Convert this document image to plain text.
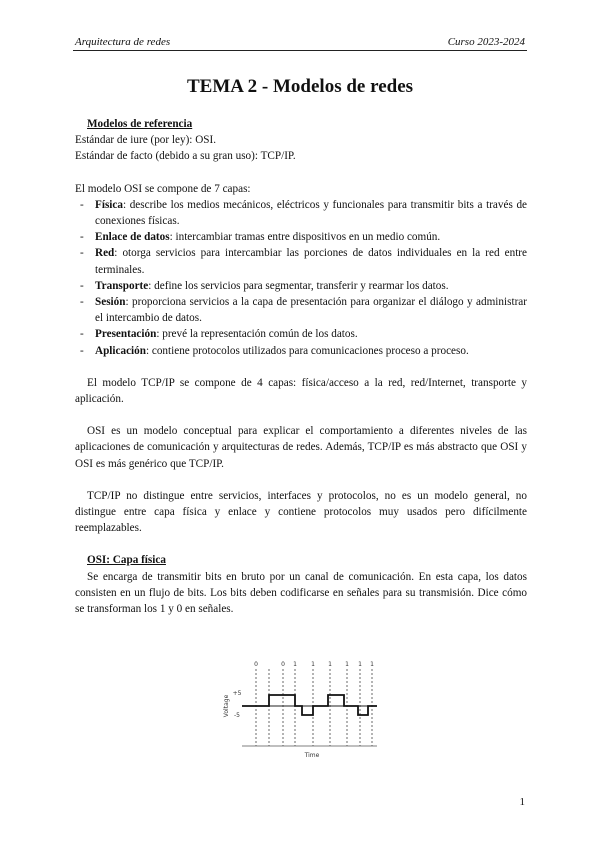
Arquitectura de redes	Curso 2023-2024
TEMA 2 - Modelos de redes

Modelos de referencia

Estándar de iure (por ley): OSI.

Estándar de facto (debido a su gran uso): TCP/IP.

El modelo OSI se compone de 7 capas:

- Física: describe los medios mecánicos, eléctricos y funcionales para transmitir bits a través de conexiones físicas.
- Enlace de datos: intercambiar tramas entre dispositivos en un medio común.
- Red: otorga servicios para intercambiar las porciones de datos individuales en la red entre terminales.
- Transporte: define los servicios para segmentar, transferir y rearmar los datos.
- Sesión: proporciona servicios a la capa de presentación para organizar el diálogo y administrar el intercambio de datos.
- Presentación: prevé la representación común de los datos.
- Aplicación: contiene protocolos utilizados para comunicaciones proceso a proceso.

El modelo TCP/IP se compone de 4 capas: física/acceso a la red, red/Internet, transporte y aplicación.

OSI es un modelo conceptual para explicar el comportamiento a diferentes niveles de las aplicaciones de comunicación y arquitecturas de redes. Además, TCP/IP es más abstracto que OSI y OSI es más genérico que TCP/IP.

TCP/IP no distingue entre servicios, interfaces y protocolos, no es un modelo general, no distingue entre capa física y enlace y contiene protocolos muy usados pero difícilmente reemplazables.

OSI: Capa física

Se encarga de transmitir bits en bruto por un canal de comunicación. En esta capa, los datos consisten en un flujo de bits. Los bits deben codificarse en señales para su transmisión. Dice cómo se transforman los 1 y 0 en señales.

0	0 1 1 1 1 1 1
+5
-5
Voltage
Time
1
